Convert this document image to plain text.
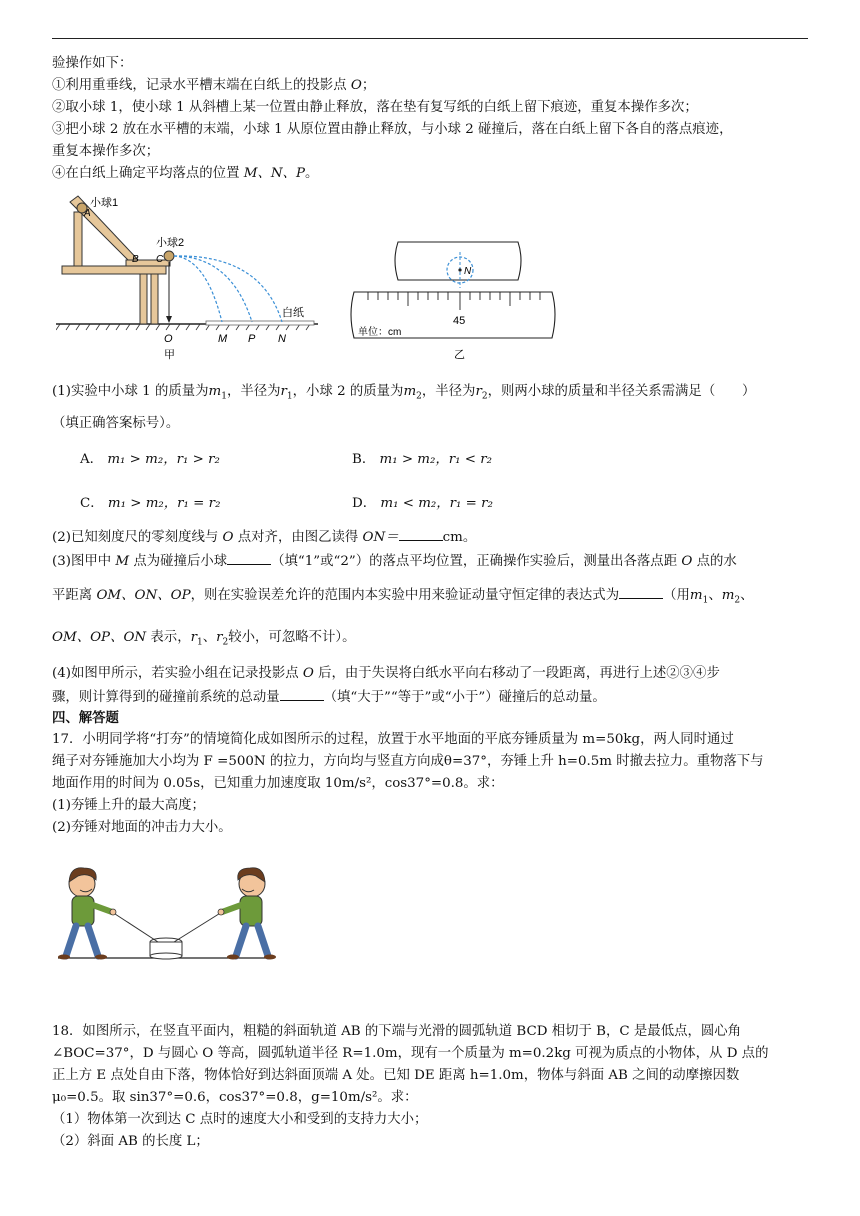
验操作如下：
①利用重垂线，记录水平槽末端在白纸上的投影点 O；
②取小球 1，使小球 1 从斜槽上某一位置由静止释放，落在垫有复写纸的白纸上留下痕迹，重复本操作多次；
③把小球 2 放在水平槽的末端，小球 1 从原位置由静止释放，与小球 2 碰撞后，落在白纸上留下各自的落点痕迹，
重复本操作多次；
④在白纸上确定平均落点的位置 M、N、P。
小球1
A
B C
小球2
白纸
O	M P N
甲
N
45
单位：cm
乙
(1)实验中小球 1 的质量为$m_1$，半径为$r_1$，小球 2 的质量为$m_2$，半径为$r_2$，则两小球的质量和半径关系需满足（　　）
（填正确答案标号）。
A． m₁ > m₂，r₁ > r₂	B． m₁ > m₂，r₁ < r₂
C． m₁ > m₂，r₁ = r₂	D． m₁ < m₂，r₁ = r₂
(2)已知刻度尺的零刻度线与 O 点对齐，由图乙读得 ON＝	cm。
(3)图甲中 M 点为碰撞后小球	（填“1”或“2”）的落点平均位置，正确操作实验后，测量出各落点距 O 点的水
平距离 OM、ON、OP，则在实验误差允许的范围内本实验中用来验证动量守恒定律的表达式为	（用$m_1$、$m_2$、
OM、OP、ON 表示，$r_1$、$r_2$较小，可忽略不计）。
(4)如图甲所示，若实验小组在记录投影点 O 后，由于失误将白纸水平向右移动了一段距离，再进行上述②③④步
骤，则计算得到的碰撞前系统的总动量	（填“大于”“等于”或“小于”）碰撞后的总动量。
四、解答题
17．小明同学将“打夯”的情境简化成如图所示的过程，放置于水平地面的平底夯锤质量为 m=50kg，两人同时通过
绳子对夯锤施加大小均为 F =500N 的拉力，方向均与竖直方向成θ=37°，夯锤上升 h=0.5m 时撤去拉力。重物落下与
地面作用的时间为 0.05s，已知重力加速度取 10m/s²，cos37°=0.8。求：
(1)夯锤上升的最大高度；
(2)夯锤对地面的冲击力大小。
18．如图所示，在竖直平面内，粗糙的斜面轨道 AB 的下端与光滑的圆弧轨道 BCD 相切于 B，C 是最低点，圆心角
∠BOC=37°，D 与圆心 O 等高，圆弧轨道半径 R=1.0m，现有一个质量为 m=0.2kg 可视为质点的小物体，从 D 点的
正上方 E 点处自由下落，物体恰好到达斜面顶端 A 处。已知 DE 距离 h=1.0m，物体与斜面 AB 之间的动摩擦因数
μ₀=0.5。取 sin37°=0.6，cos37°=0.8，g=10m/s²。求：
（1）物体第一次到达 C 点时的速度大小和受到的支持力大小；
（2）斜面 AB 的长度 L；
